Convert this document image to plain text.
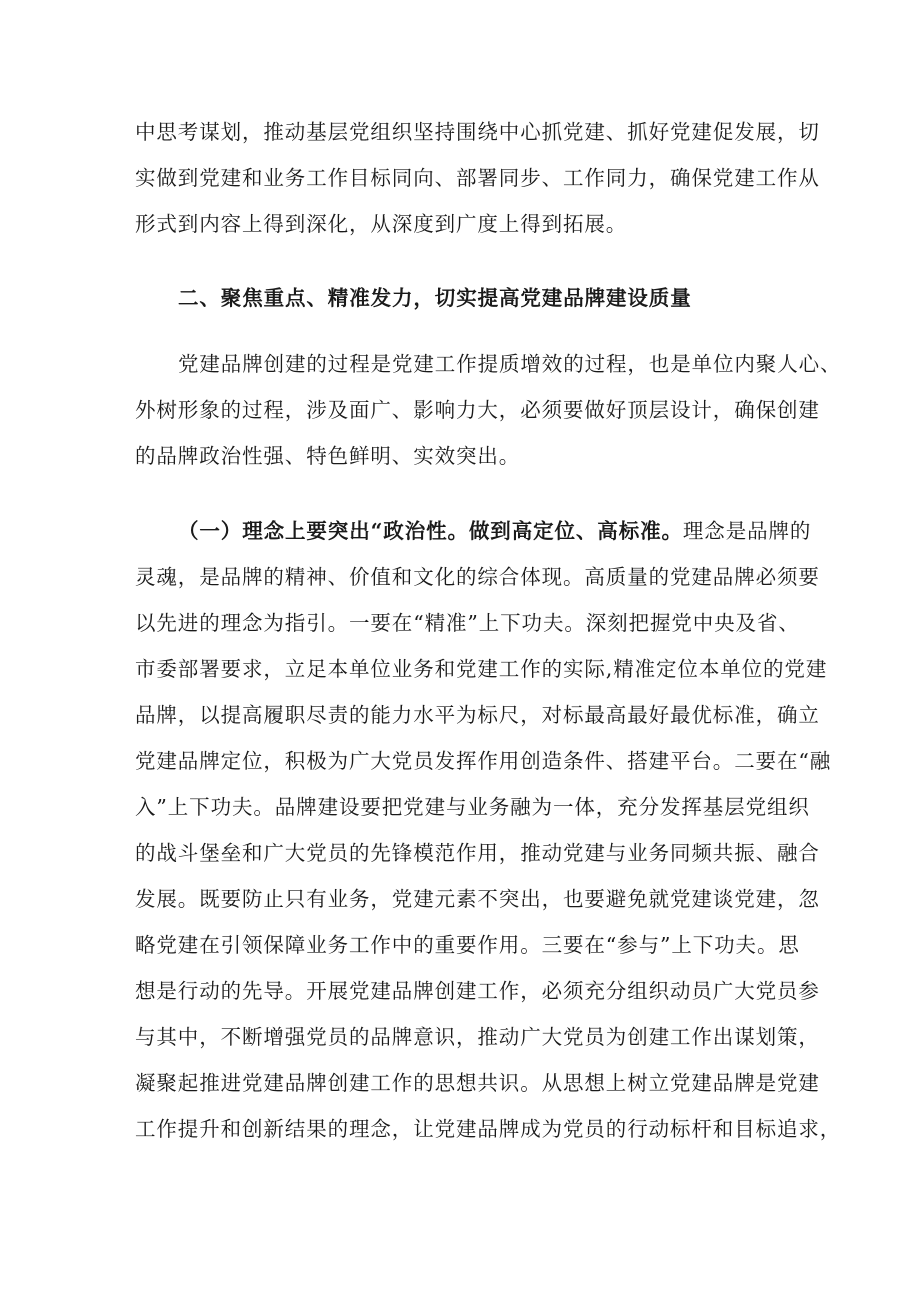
中思考谋划，推动基层党组织坚持围绕中心抓党建、抓好党建促发展，切
实做到党建和业务工作目标同向、部署同步、工作同力，确保党建工作从
形式到内容上得到深化，从深度到广度上得到拓展。
二、聚焦重点、精准发力，切实提高党建品牌建设质量
党建品牌创建的过程是党建工作提质增效的过程，也是单位内聚人心、
外树形象的过程，涉及面广、影响力大，必须要做好顶层设计，确保创建
的品牌政治性强、特色鲜明、实效突出。
（一）理念上要突出“政治性。做到高定位、高标准。理念是品牌的
灵魂，是品牌的精神、价值和文化的综合体现。高质量的党建品牌必须要
以先进的理念为指引。一要在“精准”上下功夫。深刻把握党中央及省、
市委部署要求，立足本单位业务和党建工作的实际,精准定位本单位的党建
品牌，以提高履职尽责的能力水平为标尺，对标最高最好最优标准，确立
党建品牌定位，积极为广大党员发挥作用创造条件、搭建平台。二要在“融
入”上下功夫。品牌建设要把党建与业务融为一体，充分发挥基层党组织
的战斗堡垒和广大党员的先锋模范作用，推动党建与业务同频共振、融合
发展。既要防止只有业务，党建元素不突出，也要避免就党建谈党建，忽
略党建在引领保障业务工作中的重要作用。三要在“参与”上下功夫。思
想是行动的先导。开展党建品牌创建工作，必须充分组织动员广大党员参
与其中，不断增强党员的品牌意识，推动广大党员为创建工作出谋划策，
凝聚起推进党建品牌创建工作的思想共识。从思想上树立党建品牌是党建
工作提升和创新结果的理念，让党建品牌成为党员的行动标杆和目标追求，
